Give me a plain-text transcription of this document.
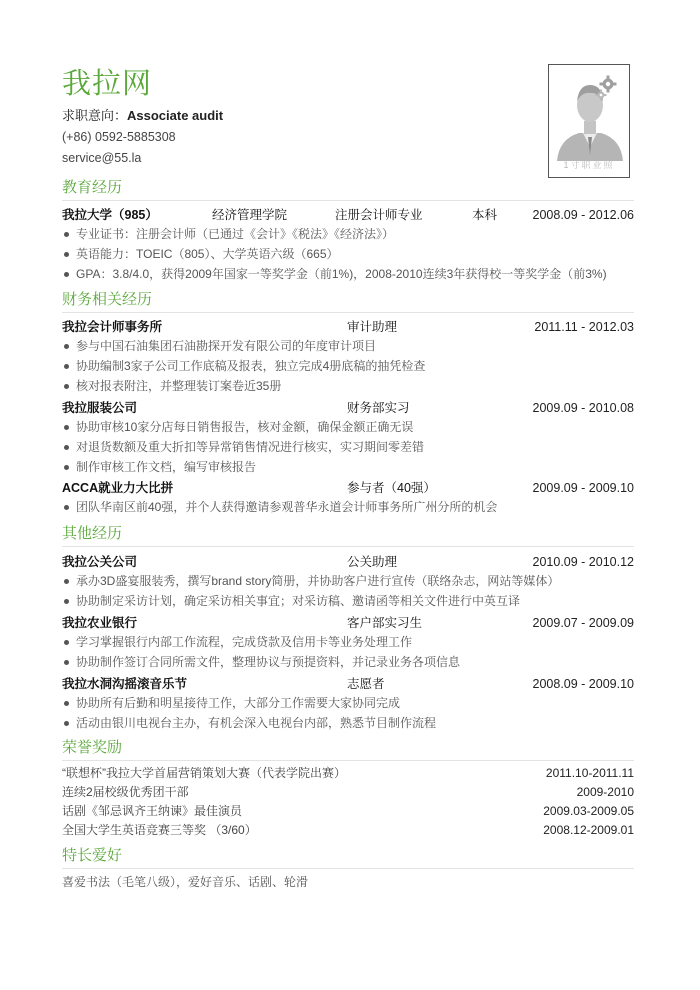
我拉网
求职意向：Associate audit
(+86) 0592-5885308
service@55.la	1寸职业照
教育经历
我拉大学（985）	经济管理学院	注册会计师专业	本科	2008.09 - 2012.06
专业证书：注册会计师（已通过《会计》《税法》《经济法》）
英语能力：TOEIC（805）、大学英语六级（665）
GPA：3.8/4.0，获得2009年国家一等奖学金（前1%)，2008-2010连续3年获得校一等奖学金（前3%)
财务相关经历
我拉会计师事务所	审计助理	2011.11 - 2012.03
参与中国石油集团石油勘探开发有限公司的年度审计项目
协助编制3家子公司工作底稿及报表，独立完成4册底稿的抽凭检查
核对报表附注，并整理装订案卷近35册
我拉服装公司	财务部实习	2009.09 - 2010.08
协助审核10家分店每日销售报告，核对金额，确保金额正确无误
对退货数额及重大折扣等异常销售情况进行核实，实习期间零差错
制作审核工作文档，编写审核报告
ACCA就业力大比拼	参与者（40强）	2009.09 - 2009.10
团队华南区前40强，并个人获得邀请参观普华永道会计师事务所广州分所的机会
其他经历
我拉公关公司	公关助理	2010.09 - 2010.12
承办3D盛宴服装秀，撰写brand story简册，并协助客户进行宣传（联络杂志，网站等媒体）
协助制定采访计划，确定采访相关事宜；对采访稿、邀请函等相关文件进行中英互译
我拉农业银行	客户部实习生	2009.07 - 2009.09
学习掌握银行内部工作流程，完成贷款及信用卡等业务处理工作
协助制作签订合同所需文件，整理协议与预提资料，并记录业务各项信息
我拉水洞沟摇滚音乐节	志愿者	2008.09 - 2009.10
协助所有后勤和明星接待工作，大部分工作需要大家协同完成
活动由银川电视台主办，有机会深入电视台内部，熟悉节目制作流程
荣誉奖励
“联想杯”我拉大学首届营销策划大赛（代表学院出赛）	2011.10-2011.11
连续2届校级优秀团干部	2009-2010
话剧《邹忌讽齐王纳谏》最佳演员	2009.03-2009.05
全国大学生英语竞赛三等奖 （3/60）	2008.12-2009.01
特长爱好
喜爱书法（毛笔八级），爱好音乐、话剧、轮滑
